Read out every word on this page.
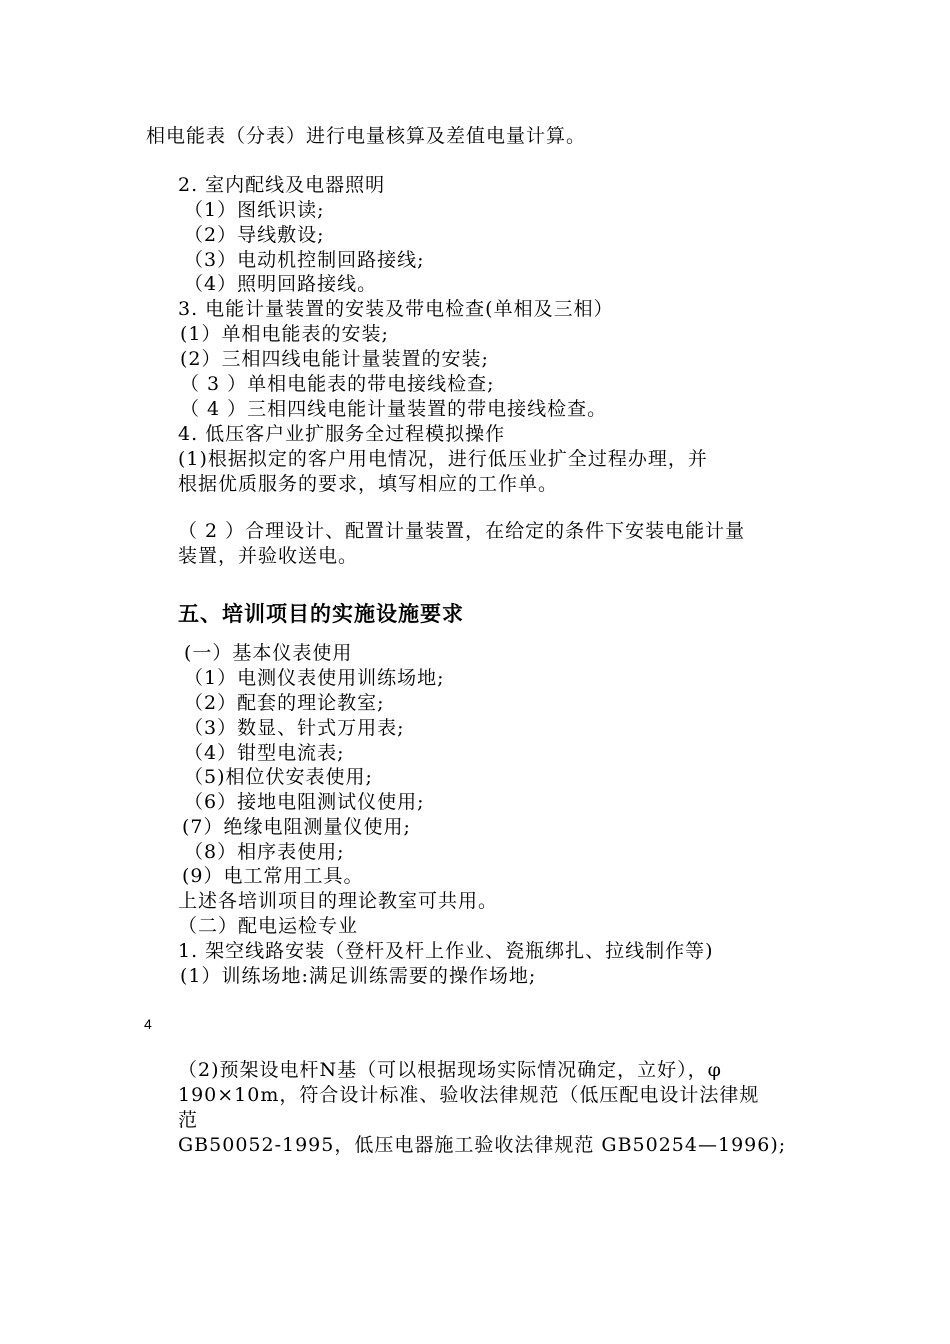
相电能表（分表）进行电量核算及差值电量计算。
2. 室内配线及电器照明
（1）图纸识读;
（2）导线敷设;
（3）电动机控制回路接线;
（4）照明回路接线。
3. 电能计量装置的安装及带电检查(单相及三相）
(1）单相电能表的安装;
(2）三相四线电能计量装置的安装;
（ 3 ）单相电能表的带电接线检查;
（ 4 ）三相四线电能计量装置的带电接线检查。
4. 低压客户业扩服务全过程模拟操作
(1)根据拟定的客户用电情况，进行低压业扩全过程办理，并
根据优质服务的要求，填写相应的工作单。
（ 2 ）合理设计、配置计量装置，在给定的条件下安装电能计量
装置，并验收送电。
五、培训项目的实施设施要求
(一）基本仪表使用
（1）电测仪表使用训练场地;
（2）配套的理论教室;
（3）数显、针式万用表;
（4）钳型电流表;
（5)相位伏安表使用;
（6）接地电阻测试仪使用;
(7）绝缘电阻测量仪使用;
（8）相序表使用;
(9）电工常用工具。
上述各培训项目的理论教室可共用。
（二）配电运检专业
1. 架空线路安装（登杆及杆上作业、瓷瓶绑扎、拉线制作等)
(1）训练场地:满足训练需要的操作场地;
4
（2)预架设电杆N基（可以根据现场实际情况确定，立好），φ
190×10m，符合设计标准、验收法律规范（低压配电设计法律规
范
GB50052-1995，低压电器施工验收法律规范 GB50254—1996);
